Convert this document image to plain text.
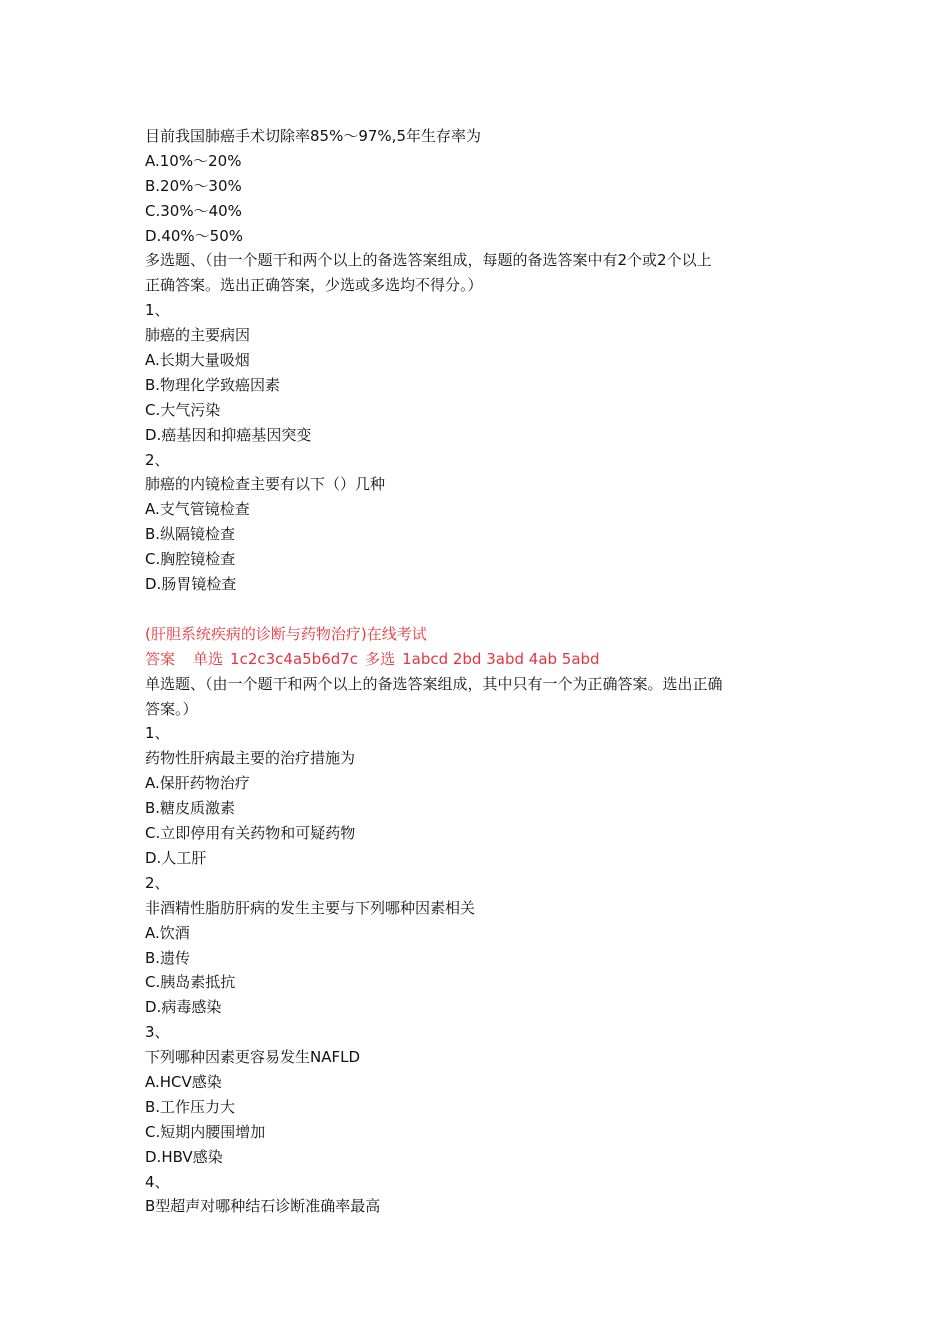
目前我国肺癌手术切除率85%～97%,5年生存率为
A.10%～20%
B.20%～30%
C.30%～40%
D.40%～50%
多选题、（由一个题干和两个以上的备选答案组成，每题的备选答案中有2个或2个以上
正确答案。选出正确答案，少选或多选均不得分。）
1、
肺癌的主要病因
A.长期大量吸烟
B.物理化学致癌因素
C.大气污染
D.癌基因和抑癌基因突变
2、
肺癌的内镜检查主要有以下（）几种
A.支气管镜检查
B.纵隔镜检查
C.胸腔镜检查
D.肠胃镜检查
(肝胆系统疾病的诊断与药物治疗)在线考试
答案 单选 1c2c3c4a5b6d7c 多选 1abcd 2bd 3abd 4ab 5abd
单选题、（由一个题干和两个以上的备选答案组成，其中只有一个为正确答案。选出正确
答案。）
1、
药物性肝病最主要的治疗措施为
A.保肝药物治疗
B.糖皮质激素
C.立即停用有关药物和可疑药物
D.人工肝
2、
非酒精性脂肪肝病的发生主要与下列哪种因素相关
A.饮酒
B.遗传
C.胰岛素抵抗
D.病毒感染
3、
下列哪种因素更容易发生NAFLD
A.HCV感染
B.工作压力大
C.短期内腰围增加
D.HBV感染
4、
B型超声对哪种结石诊断准确率最高
